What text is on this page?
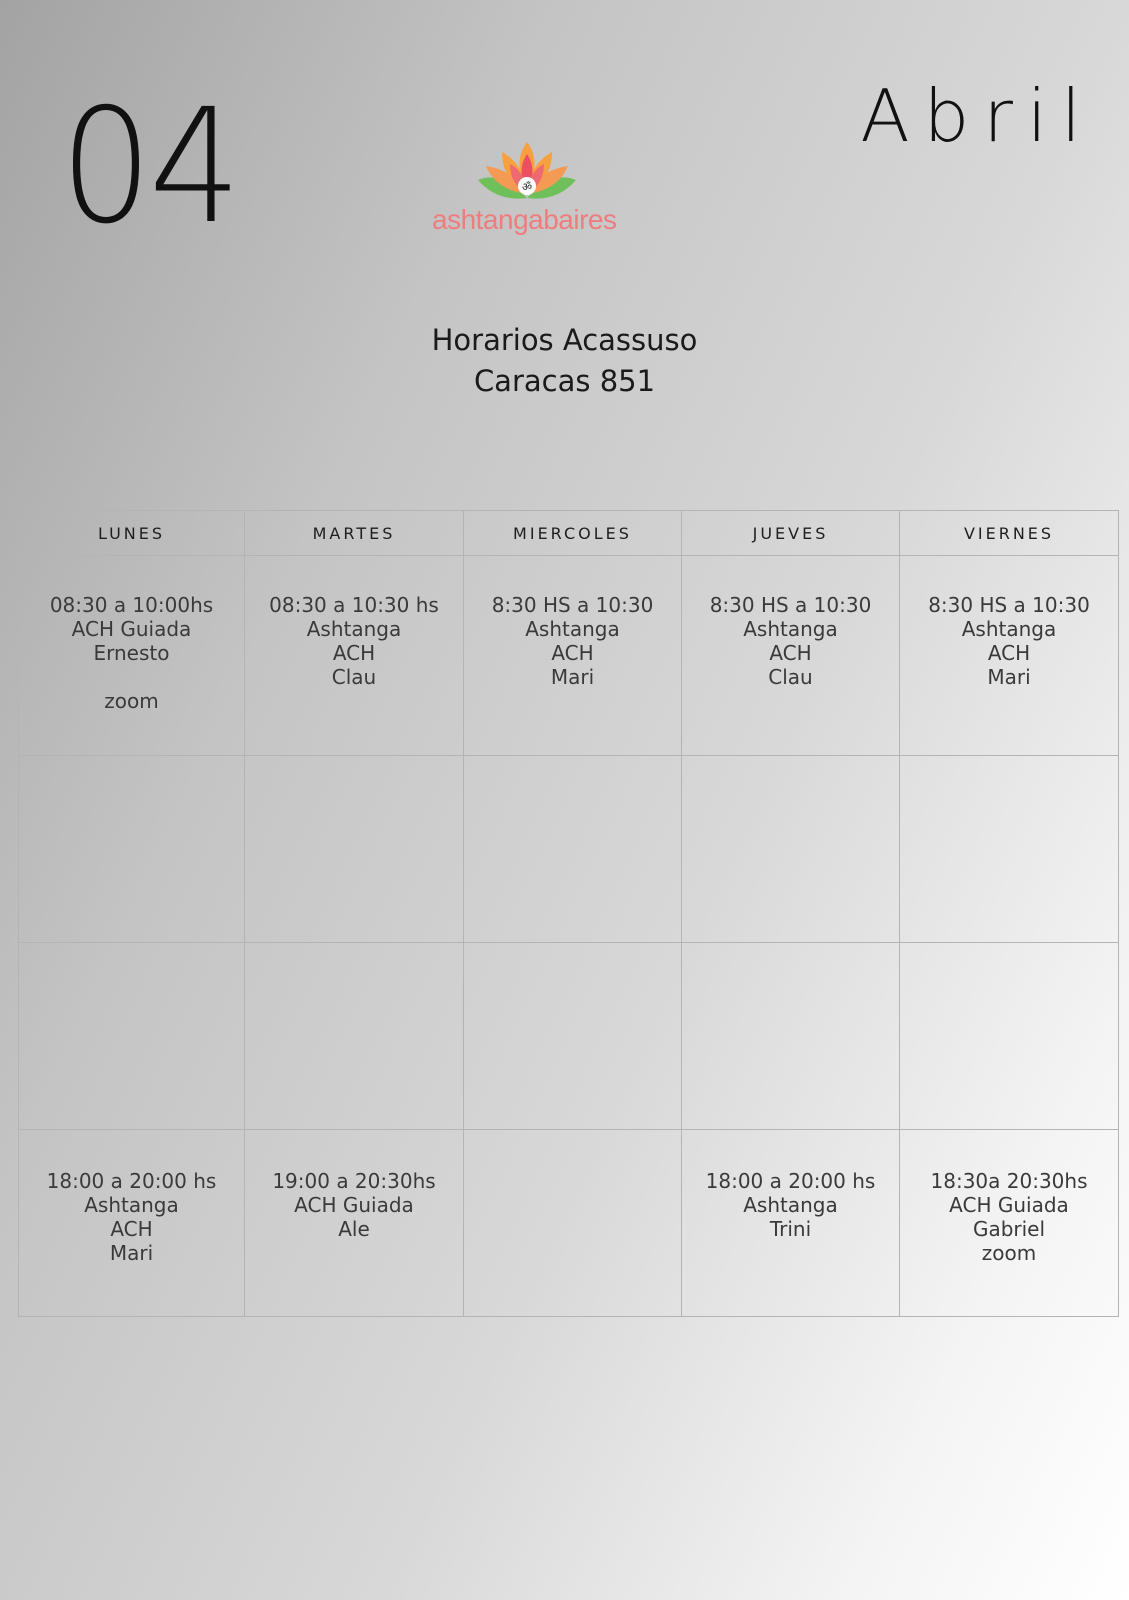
04	Abril
ॐ
ashtangabaires
Horarios Acassuso
Caracas 851
LUNES	MARTES	MIERCOLES	JUEVES	VIERNES

08:30 a 10:00hs
ACH Guiada
Ernesto

zoom	08:30 a 10:30 hs
Ashtanga
ACH
Clau	8:30 HS a 10:30
Ashtanga
ACH
Mari	8:30 HS a 10:30
Ashtanga
ACH
Clau	8:30 HS a 10:30
Ashtanga
ACH
Mari

18:00 a 20:00 hs
Ashtanga
ACH
Mari	19:00 a 20:30hs
ACH Guiada
Ale		18:00 a 20:00 hs
Ashtanga
Trini	18:30a 20:30hs
ACH Guiada
Gabriel
zoom
